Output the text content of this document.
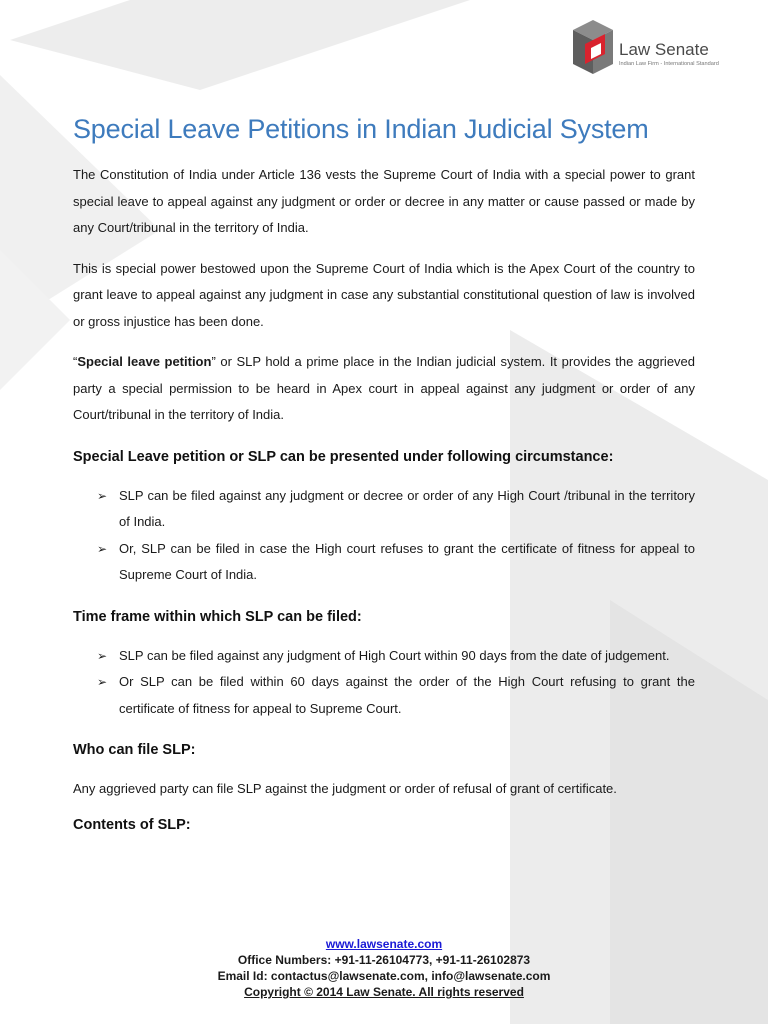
Law Senate
Indian Law Firm - International Standard
Special Leave Petitions in Indian Judicial System

The Constitution of India under Article 136 vests the Supreme Court of India with a special power to grant special leave to appeal against any judgment or order or decree in any matter or cause passed or made by any Court/tribunal in the territory of India.

This is special power bestowed upon the Supreme Court of India which is the Apex Court of the country to grant leave to appeal against any judgment in case any substantial constitutional question of law is involved or gross injustice has been done.

“Special leave petition” or SLP hold a prime place in the Indian judicial system. It provides the aggrieved party a special permission to be heard in Apex court in appeal against any judgment or order of any Court/tribunal in the territory of India.

Special Leave petition or SLP can be presented under following circumstance:
➢ SLP can be filed against any judgment or decree or order of any High Court /tribunal in the territory of India.
➢ Or, SLP can be filed in case the High court refuses to grant the certificate of fitness for appeal to Supreme Court of India.
Time frame within which SLP can be filed:
➢ SLP can be filed against any judgment of High Court within 90 days from the date of judgement.
➢ Or SLP can be filed within 60 days against the order of the High Court refusing to grant the certificate of fitness for appeal to Supreme Court.
Who can file SLP:

Any aggrieved party can file SLP against the judgment or order of refusal of grant of certificate.

Contents of SLP:
www.lawsenate.com
Office Numbers: +91-11-26104773, +91-11-26102873
Email Id: contactus@lawsenate.com, info@lawsenate.com
Copyright © 2014 Law Senate. All rights reserved
